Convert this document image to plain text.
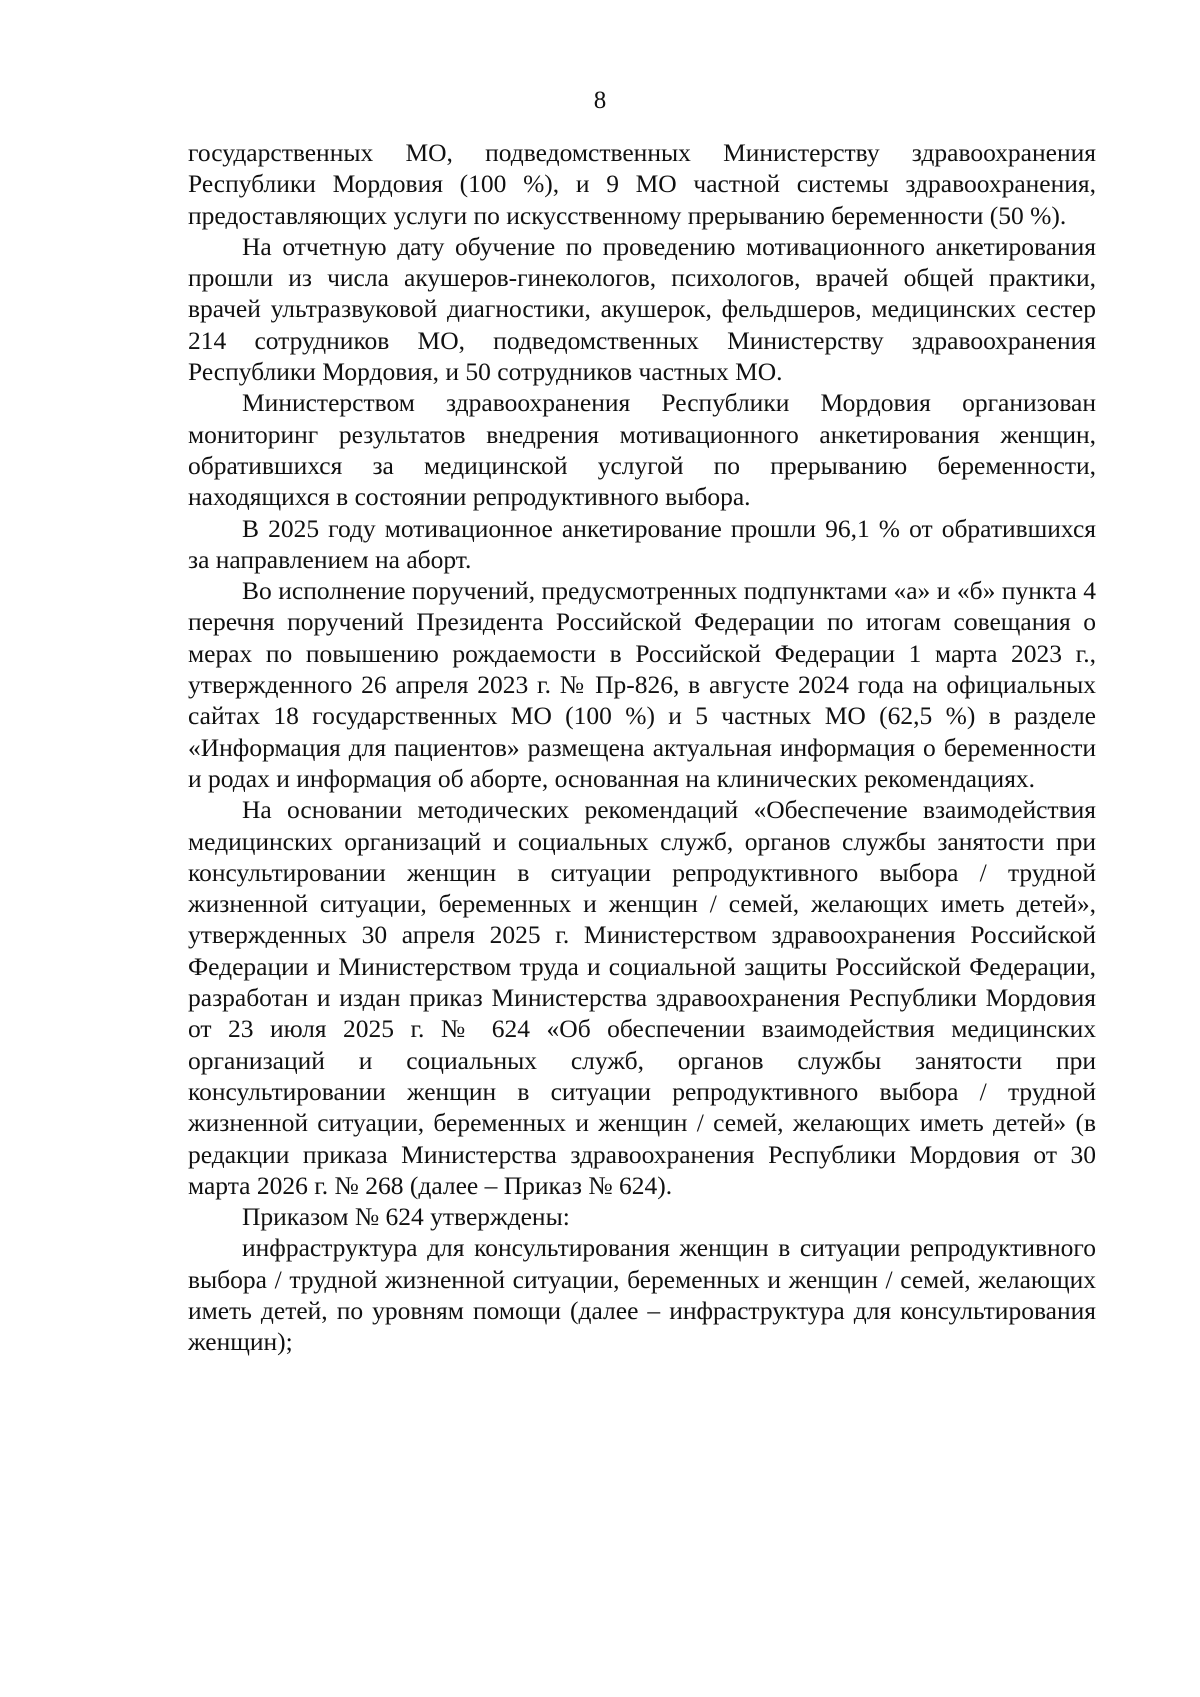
8

государственных МО, подведомственных Министерству здравоохранения Республики Мордовия (100 %), и 9 МО частной системы здравоохранения, предоставляющих услуги по искусственному прерыванию беременности (50 %).

На отчетную дату обучение по проведению мотивационного анкетирования прошли из числа акушеров-гинекологов, психологов, врачей общей практики, врачей ультразвуковой диагностики, акушерок, фельдшеров, медицинских сестер 214 сотрудников МО, подведомственных Министерству здравоохранения Республики Мордовия, и 50 сотрудников частных МО.

Министерством здравоохранения Республики Мордовия организован мониторинг результатов внедрения мотивационного анкетирования женщин, обратившихся за медицинской услугой по прерыванию беременности, находящихся в состоянии репродуктивного выбора.

В 2025 году мотивационное анкетирование прошли 96,1 % от обратившихся за направлением на аборт.

Во исполнение поручений, предусмотренных подпунктами «а» и «б» пункта 4 перечня поручений Президента Российской Федерации по итогам совещания о мерах по повышению рождаемости в Российской Федерации 1 марта 2023 г., утвержденного 26 апреля 2023 г. № Пр-826, в августе 2024 года на официальных сайтах 18 государственных МО (100 %) и 5 частных МО (62,5 %) в разделе «Информация для пациентов» размещена актуальная информация о беременности и родах и информация об аборте, основанная на клинических рекомендациях.

На основании методических рекомендаций «Обеспечение взаимодействия медицинских организаций и социальных служб, органов службы занятости при консультировании женщин в ситуации репродуктивного выбора / трудной жизненной ситуации, беременных и женщин / семей, желающих иметь детей», утвержденных 30 апреля 2025 г. Министерством здравоохранения Российской Федерации и Министерством труда и социальной защиты Российской Федерации, разработан и издан приказ Министерства здравоохранения Республики Мордовия от 23 июля 2025 г. № 624 «Об обеспечении взаимодействия медицинских организаций и социальных служб, органов службы занятости при консультировании женщин в ситуации репродуктивного выбора / трудной жизненной ситуации, беременных и женщин / семей, желающих иметь детей» (в редакции приказа Министерства здравоохранения Республики Мордовия от 30 марта 2026 г. № 268 (далее – Приказ № 624).

Приказом № 624 утверждены:

инфраструктура для консультирования женщин в ситуации репродуктивного выбора / трудной жизненной ситуации, беременных и женщин / семей, желающих иметь детей, по уровням помощи (далее – инфраструктура для консультирования женщин);
